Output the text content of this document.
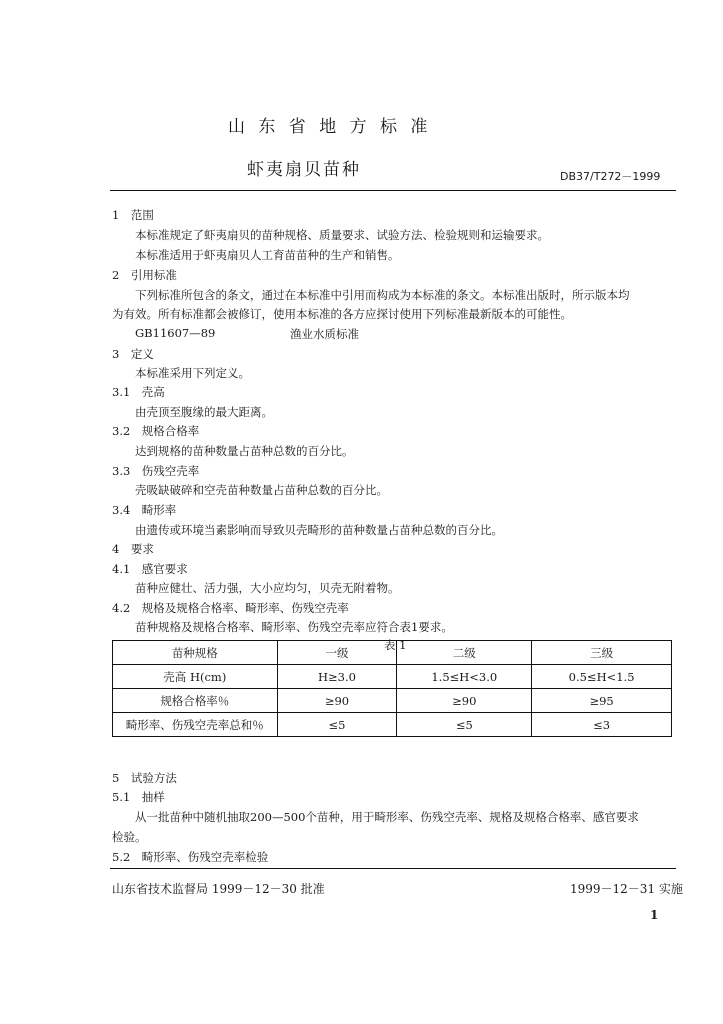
山 东 省 地 方 标 准
虾夷扇贝苗种	DB37/T272－1999
1　范围
本标准规定了虾夷扇贝的苗种规格、质量要求、试验方法、检验规则和运输要求。
本标准适用于虾夷扇贝人工育苗苗种的生产和销售。
2　引用标准
下列标准所包含的条文，通过在本标准中引用而构成为本标准的条文。本标准出版时，所示版本均
为有效。所有标准都会被修订，使用本标准的各方应探讨使用下列标准最新版本的可能性。
GB11607—89	渔业水质标准
3　定义
本标准采用下列定义。
3.1　壳高
由壳顶至腹缘的最大距离。
3.2　规格合格率
达到规格的苗种数量占苗种总数的百分比。
3.3　伤残空壳率
壳吸缺破碎和空壳苗种数量占苗种总数的百分比。
3.4　畸形率
由遗传或环境当素影响而导致贝壳畸形的苗种数量占苗种总数的百分比。
4　要求
4.1　感官要求
苗种应健壮、活力强，大小应均匀，贝壳无附着物。
4.2　规格及规格合格率、畸形率、伤残空壳率
苗种规格及规格合格率、畸形率、伤残空壳率应符合表1要求。
表 1
5　试验方法
5.1　抽样
从一批苗种中随机抽取200—500个苗种，用于畸形率、伤残空壳率、规格及规格合格率、感官要求
检验。
5.2　畸形率、伤残空壳率检验
苗种规格	一级	二级	三级
壳高 H(cm)	H≥3.0	1.5≤H<3.0	0.5≤H<1.5
规格合格率％	≥90	≥90	≥95
畸形率、伤残空壳率总和％	≤5	≤5	≤3
山东省技术监督局 1999－12－30 批准	1999－12－31 实施
1
